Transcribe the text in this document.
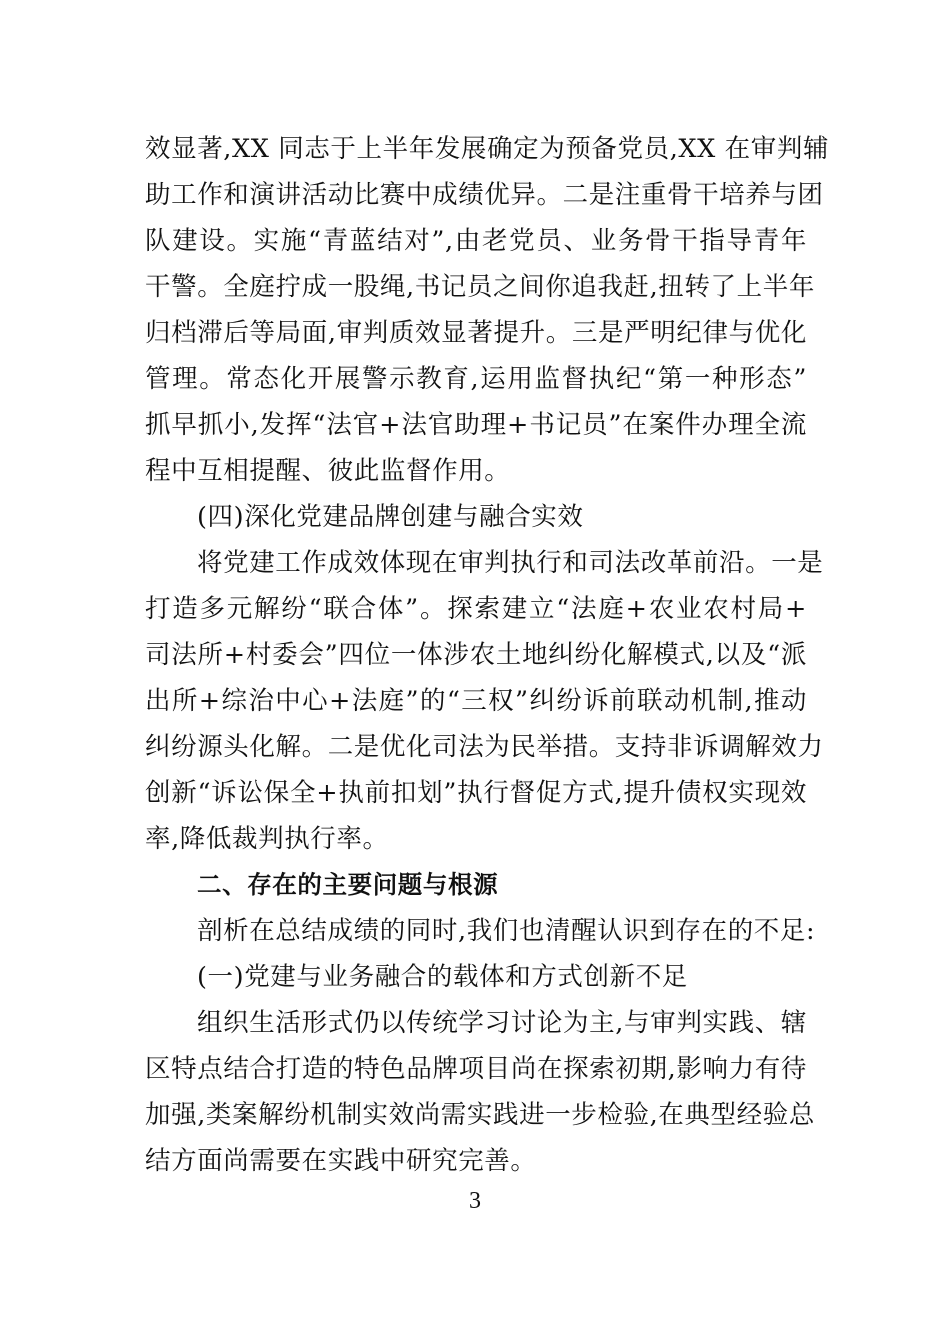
效显著,XX 同志于上半年发展确定为预备党员,XX 在审判辅
助工作和演讲活动比赛中成绩优异。二是注重骨干培养与团
队建设。实施“青蓝结对”,由老党员、业务骨干指导青年
干警。全庭拧成一股绳,书记员之间你追我赶,扭转了上半年
归档滞后等局面,审判质效显著提升。三是严明纪律与优化
管理。常态化开展警示教育,运用监督执纪“第一种形态”
抓早抓小,发挥“法官+法官助理+书记员”在案件办理全流
程中互相提醒、彼此监督作用。
(四)深化党建品牌创建与融合实效
将党建工作成效体现在审判执行和司法改革前沿。一是
打造多元解纷“联合体”。探索建立“法庭+农业农村局+
司法所+村委会”四位一体涉农土地纠纷化解模式,以及“派
出所+综治中心+法庭”的“三权”纠纷诉前联动机制,推动
纠纷源头化解。二是优化司法为民举措。支持非诉调解效力
创新“诉讼保全+执前扣划”执行督促方式,提升债权实现效
率,降低裁判执行率。
二、存在的主要问题与根源
剖析在总结成绩的同时,我们也清醒认识到存在的不足:
(一)党建与业务融合的载体和方式创新不足
组织生活形式仍以传统学习讨论为主,与审判实践、辖
区特点结合打造的特色品牌项目尚在探索初期,影响力有待
加强,类案解纷机制实效尚需实践进一步检验,在典型经验总
结方面尚需要在实践中研究完善。
3
